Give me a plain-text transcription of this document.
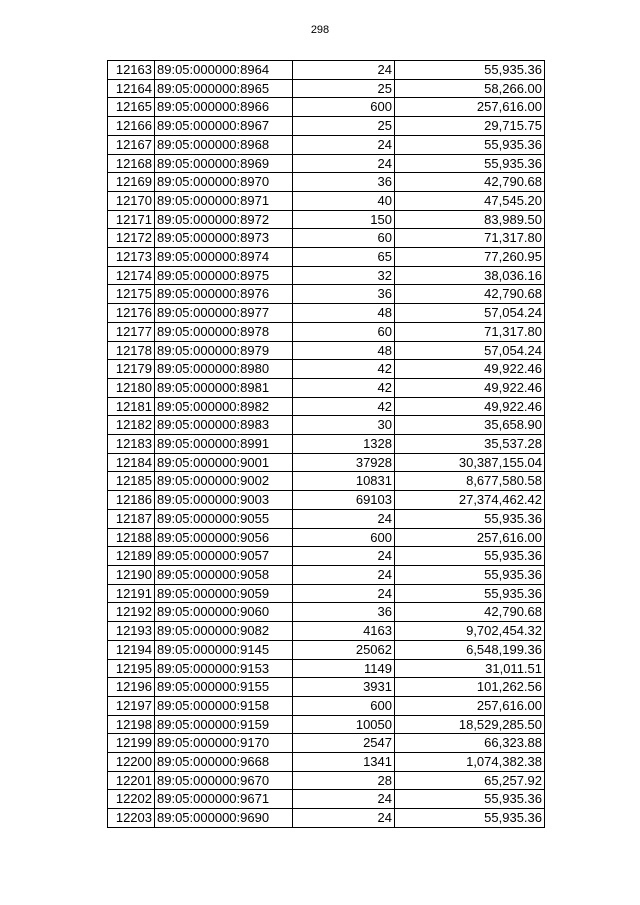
298
12163	89:05:000000:8964	24	55,935.36
12164	89:05:000000:8965	25	58,266.00
12165	89:05:000000:8966	600	257,616.00
12166	89:05:000000:8967	25	29,715.75
12167	89:05:000000:8968	24	55,935.36
12168	89:05:000000:8969	24	55,935.36
12169	89:05:000000:8970	36	42,790.68
12170	89:05:000000:8971	40	47,545.20
12171	89:05:000000:8972	150	83,989.50
12172	89:05:000000:8973	60	71,317.80
12173	89:05:000000:8974	65	77,260.95
12174	89:05:000000:8975	32	38,036.16
12175	89:05:000000:8976	36	42,790.68
12176	89:05:000000:8977	48	57,054.24
12177	89:05:000000:8978	60	71,317.80
12178	89:05:000000:8979	48	57,054.24
12179	89:05:000000:8980	42	49,922.46
12180	89:05:000000:8981	42	49,922.46
12181	89:05:000000:8982	42	49,922.46
12182	89:05:000000:8983	30	35,658.90
12183	89:05:000000:8991	1328	35,537.28
12184	89:05:000000:9001	37928	30,387,155.04
12185	89:05:000000:9002	10831	8,677,580.58
12186	89:05:000000:9003	69103	27,374,462.42
12187	89:05:000000:9055	24	55,935.36
12188	89:05:000000:9056	600	257,616.00
12189	89:05:000000:9057	24	55,935.36
12190	89:05:000000:9058	24	55,935.36
12191	89:05:000000:9059	24	55,935.36
12192	89:05:000000:9060	36	42,790.68
12193	89:05:000000:9082	4163	9,702,454.32
12194	89:05:000000:9145	25062	6,548,199.36
12195	89:05:000000:9153	1149	31,011.51
12196	89:05:000000:9155	3931	101,262.56
12197	89:05:000000:9158	600	257,616.00
12198	89:05:000000:9159	10050	18,529,285.50
12199	89:05:000000:9170	2547	66,323.88
12200	89:05:000000:9668	1341	1,074,382.38
12201	89:05:000000:9670	28	65,257.92
12202	89:05:000000:9671	24	55,935.36
12203	89:05:000000:9690	24	55,935.36
